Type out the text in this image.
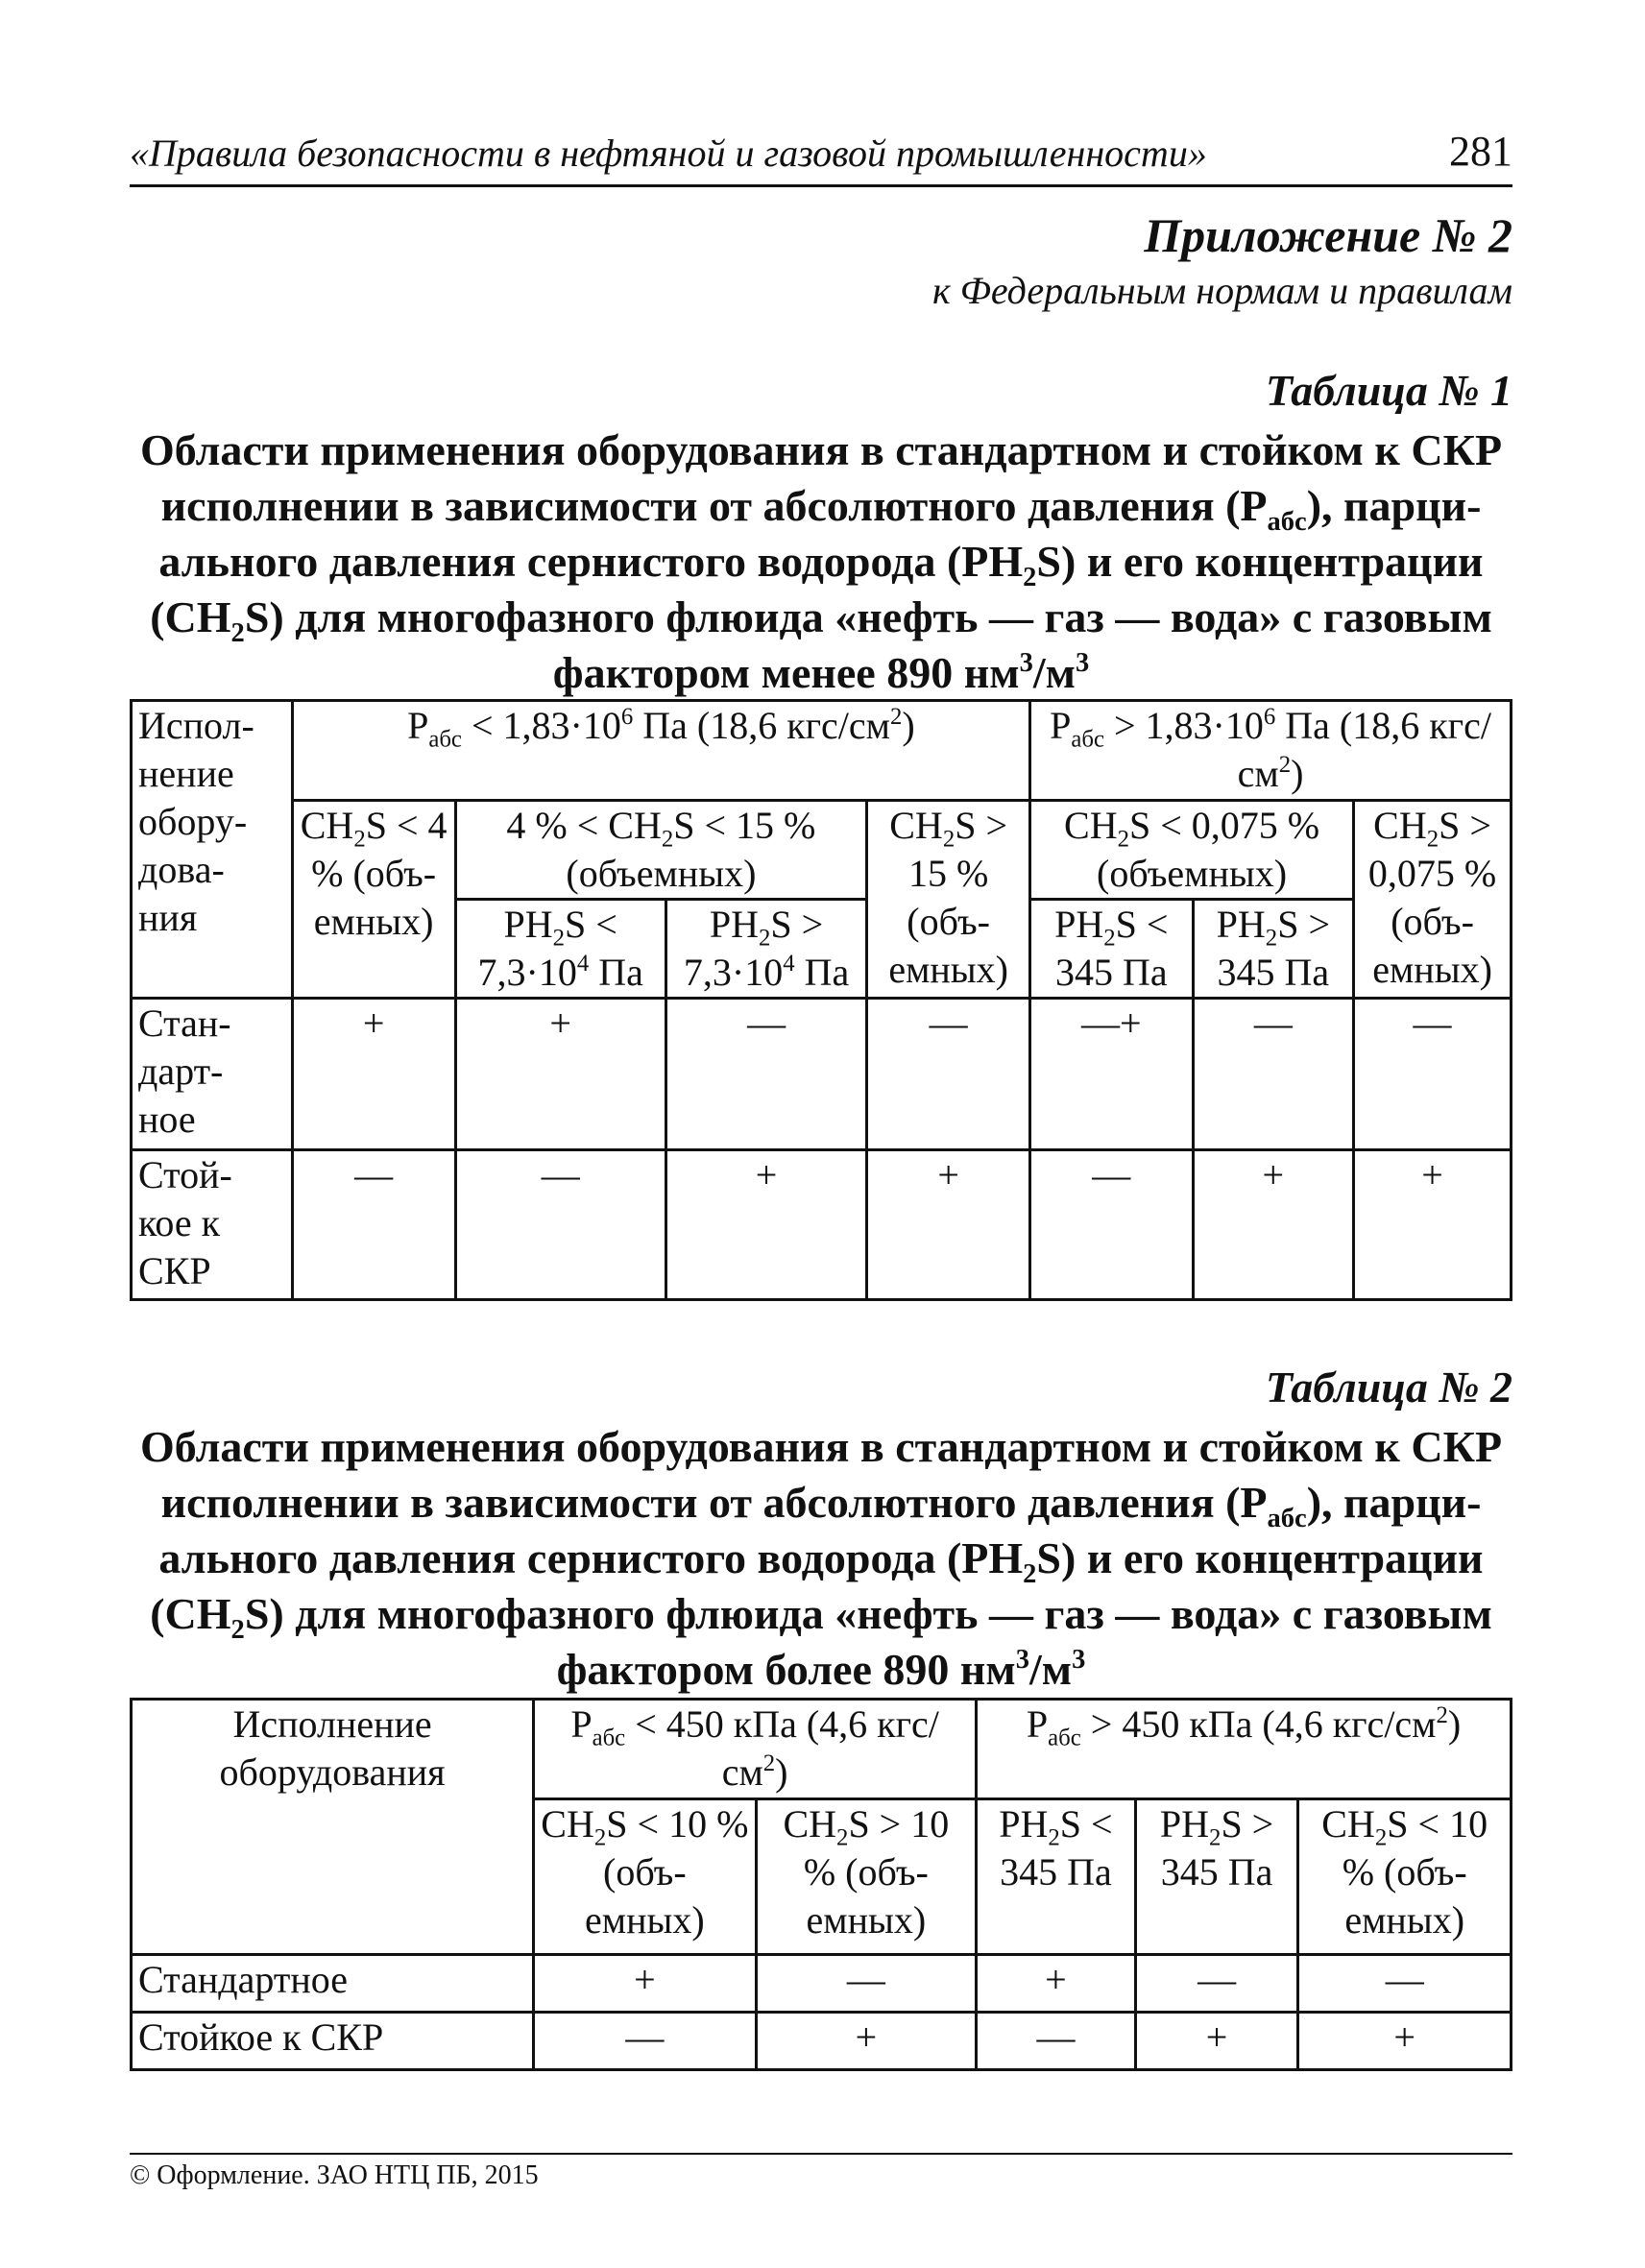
«Правила безопасности в нефтяной и газовой промышленности»	281
Приложение № 2
к Федеральным нормам и правилам
Таблица № 1
Области применения оборудования в стандартном и стойком к СКР
исполнении в зависимости от абсолютного давления $(P_{абс})$, парци-
ального давления сернистого водорода $(PH_2S)$ и его концентрации
$(CH_2S)$ для многофазного флюида «нефть — газ — вода» с газовым
фактором менее 890 $нм^3/м^3$
Испол- нение обору- дова- ния	$P_{абс} < 1,83\cdot 10^6$ Па (18,6 кгс/$см^2$)				$P_{абс} > 1,83\cdot 10^6$ Па (18,6 кгс/$см^2$)		
	$CH_2S < 4$ % (объ- емных)	4 % < $CH_2S < 15$ % (объемных)		$CH_2S > 15$ % (объ- емных)	$CH_2S < 0,075$ % (объемных)		$CH_2S > 0,075$ % (объ- емных)
		$PH_2S < 7,3\cdot 10^4$ Па	$PH_2S > 7,3\cdot 10^4$ Па		$PH_2S < 345$ Па	$PH_2S > 345$ Па	
Стан- дарт- ное	+	+	—	—	—+	—	—
Стой- кое к СКР	—	—	+	+	—	+	+
Таблица № 2
Области применения оборудования в стандартном и стойком к СКР
исполнении в зависимости от абсолютного давления $(P_{абс})$, парци-
ального давления сернистого водорода $(PH_2S)$ и его концентрации
$(CH_2S)$ для многофазного флюида «нефть — газ — вода» с газовым
фактором более 890 $нм^3/м^3$
Исполнение оборудования	$P_{абс} < 450$ кПа (4,6 кгс/ $см^2$)		$P_{абс} > 450$ кПа (4,6 кгс/$см^2$)		
	$CH_2S < 10$ % (объ- емных)	$CH_2S > 10$ % (объ- емных)	$PH_2S < 345$ Па	$PH_2S > 345$ Па	$CH_2S < 10$ % (объ- емных)
Стандартное	+	—	+	—	—
Стойкое к СКР	—	+	—	+	+
© Оформление. ЗАО НТЦ ПБ, 2015
